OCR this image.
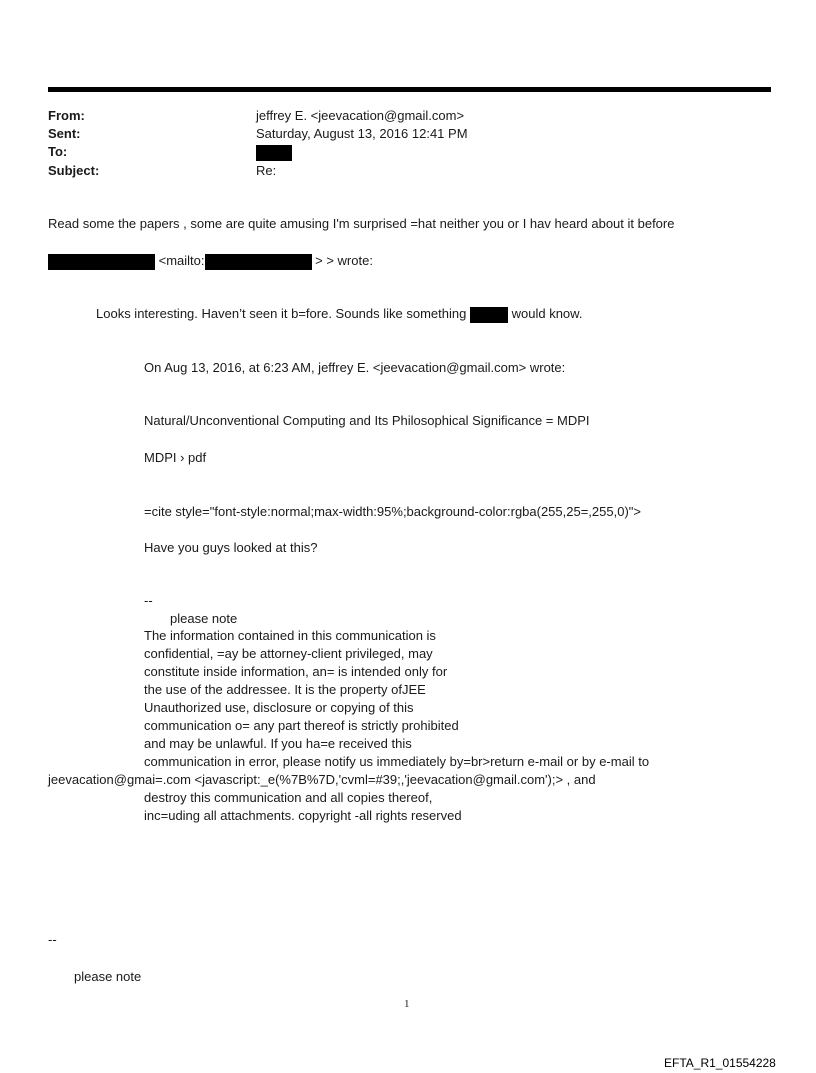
From:	jeffrey E. <jeevacation@gmail.com>
Sent:	Saturday, August 13, 2016 12:41 PM
To:
Subject:	Re:
Read some the papers , some are quite amusing I'm surprised =hat neither you or I hav heard about it before
<mailto:	> > wrote:
Looks interesting. Haven’t seen it b=fore. Sounds like something	would know.
On Aug 13, 2016, at 6:23 AM, jeffrey E. <jeevacation@gmail.com> wrote:
Natural/Unconventional Computing and Its Philosophical Significance = MDPI
MDPI › pdf
=cite style="font-style:normal;max-width:95%;background-color:rgba(255,25=,255,0)">
Have you guys looked at this?
--
please note
The information contained in this communication is
confidential, =ay be attorney-client privileged, may
constitute inside information, an= is intended only for
the use of the addressee. It is the property ofJEE
Unauthorized use, disclosure or copying of this
communication o= any part thereof is strictly prohibited
and may be unlawful. If you ha=e received this
communication in error, please notify us immediately by=br>return e-mail or by e-mail to
jeevacation@gmai=.com <javascript:_e(%7B%7D,'cvml=#39;,'jeevacation@gmail.com');> , and
destroy this communication and all copies thereof,
inc=uding all attachments. copyright -all rights reserved
--
please note
1
EFTA_R1_01554228
